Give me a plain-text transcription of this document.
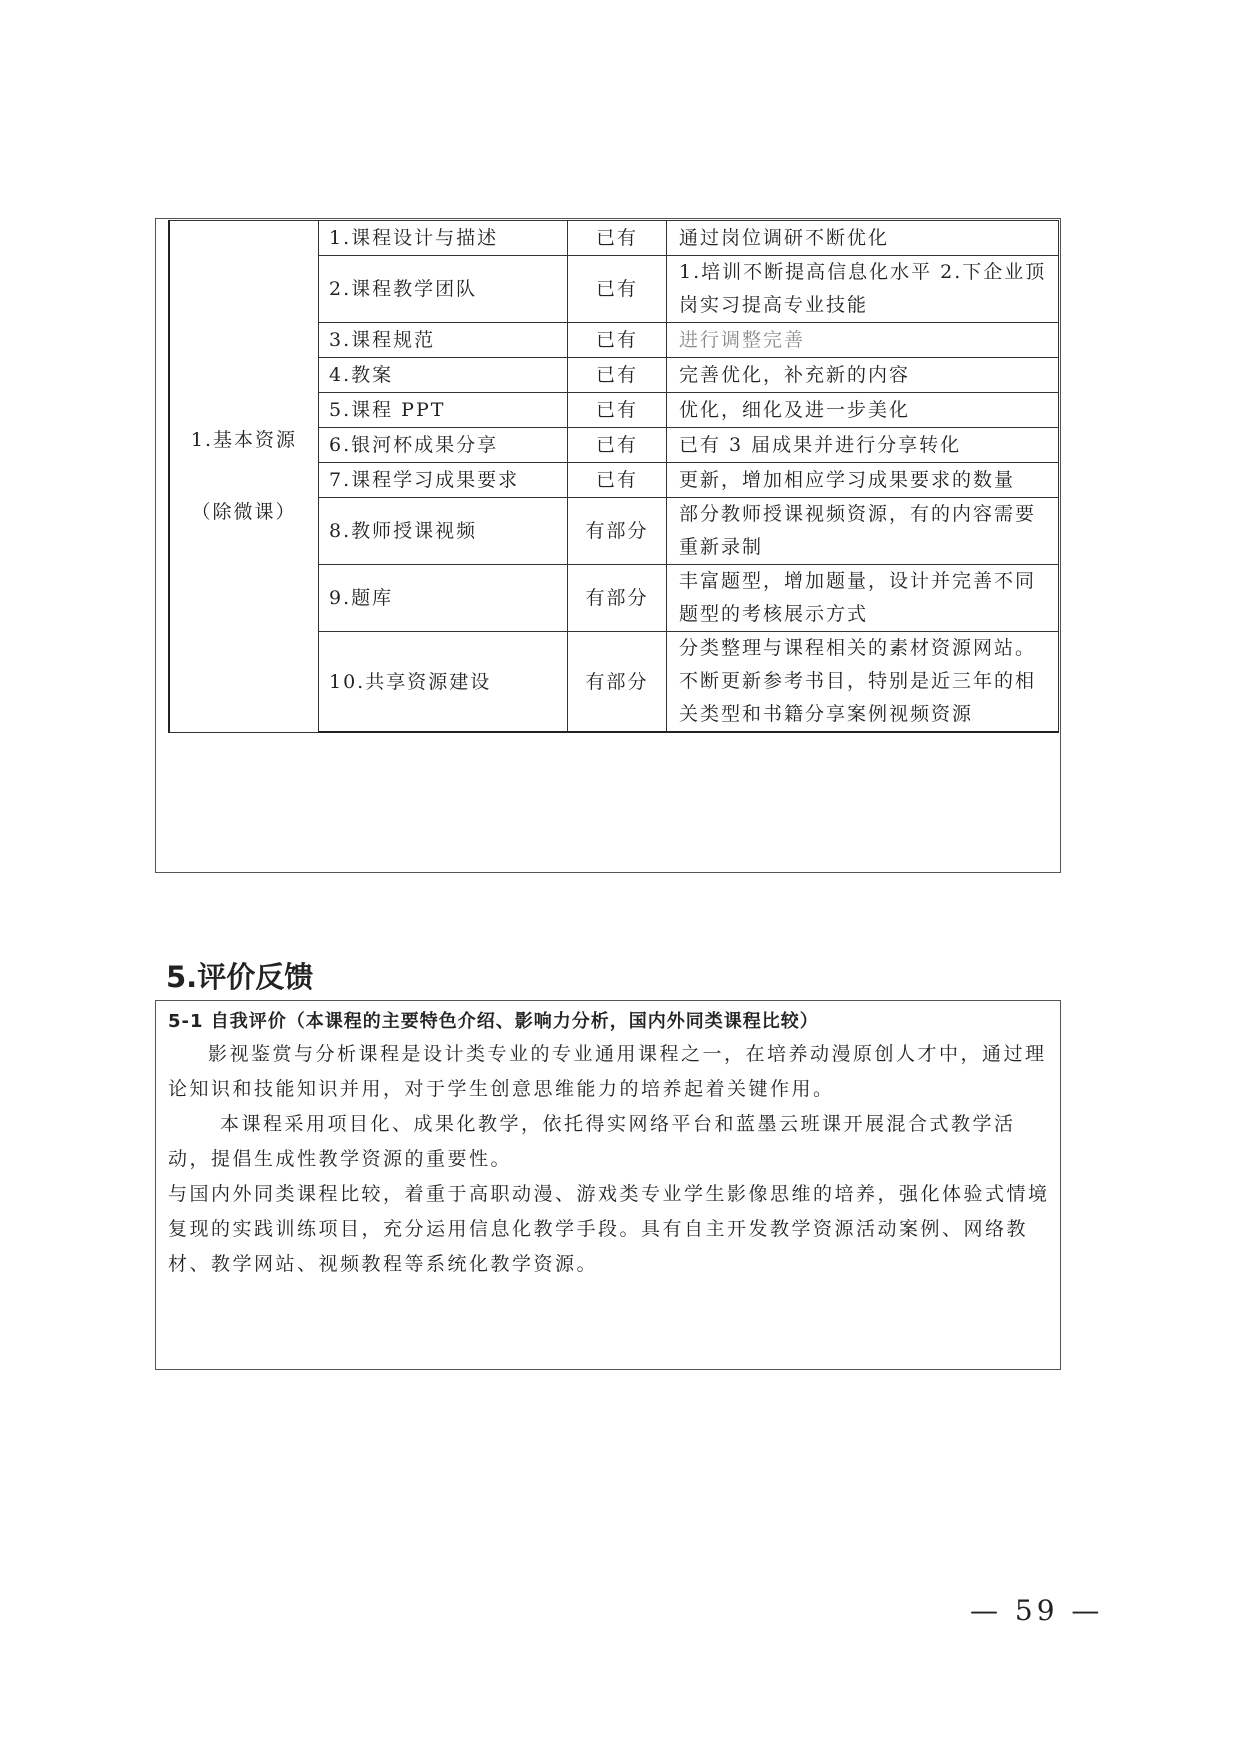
1.基本资源
（除微课）	1.课程设计与描述	已有	通过岗位调研不断优化
	2.课程教学团队	已有	1.培训不断提高信息化水平 2.下企业顶岗实习提高专业技能
	3.课程规范	已有	进行调整完善
	4.教案	已有	完善优化，补充新的内容
	5.课程 PPT	已有	优化，细化及进一步美化
	6.银河杯成果分享	已有	已有 3 届成果并进行分享转化
	7.课程学习成果要求	已有	更新，增加相应学习成果要求的数量
	8.教师授课视频	有部分	部分教师授课视频资源，有的内容需要重新录制
	9.题库	有部分	丰富题型，增加题量，设计并完善不同题型的考核展示方式
	10.共享资源建设	有部分	分类整理与课程相关的素材资源网站。不断更新参考书目，特别是近三年的相关类型和书籍分享案例视频资源
5.评价反馈
5-1 自我评价（本课程的主要特色介绍、影响力分析，国内外同类课程比较）

影视鉴赏与分析课程是设计类专业的专业通用课程之一，在培养动漫原创人才中，通过理论知识和技能知识并用，对于学生创意思维能力的培养起着关键作用。

本课程采用项目化、成果化教学，依托得实网络平台和蓝墨云班课开展混合式教学活动，提倡生成性教学资源的重要性。

与国内外同类课程比较，着重于高职动漫、游戏类专业学生影像思维的培养，强化体验式情境复现的实践训练项目，充分运用信息化教学手段。具有自主开发教学资源活动案例、网络教材、教学网站、视频教程等系统化教学资源。

— 59 —
